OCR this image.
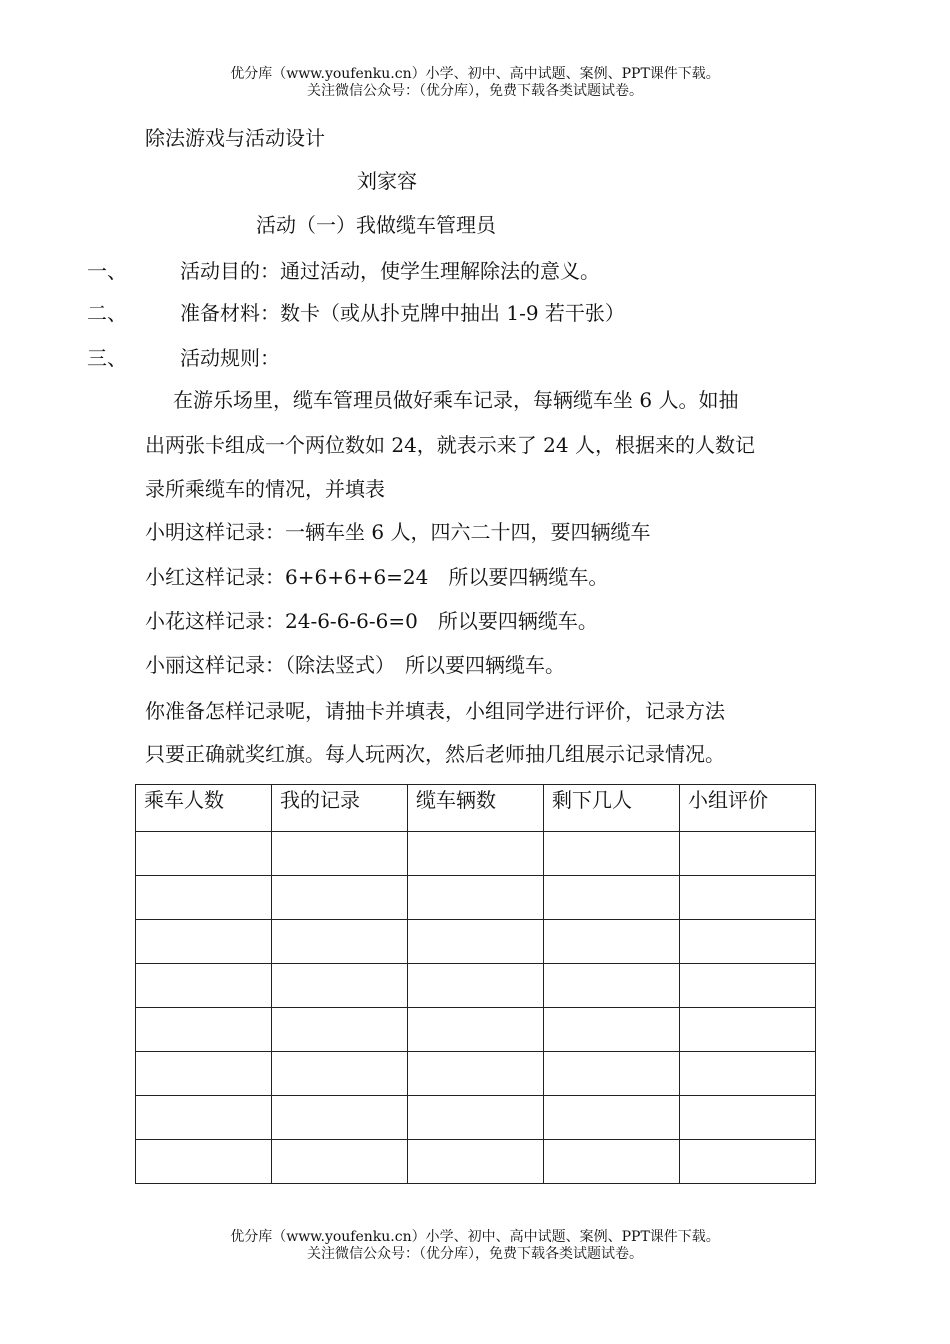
优分库（www.youfenku.cn）小学、初中、高中试题、案例、PPT课件下载。
关注微信公众号：（优分库），免费下载各类试题试卷。
除法游戏与活动设计
刘家容
活动（一）我做缆车管理员
一、	活动目的：通过活动，使学生理解除法的意义。
二、	准备材料：数卡（或从扑克牌中抽出 1-9 若干张）
三、	活动规则：
在游乐场里，缆车管理员做好乘车记录，每辆缆车坐 6 人。如抽
出两张卡组成一个两位数如 24，就表示来了 24 人，根据来的人数记
录所乘缆车的情况，并填表
小明这样记录：一辆车坐 6 人，四六二十四，要四辆缆车
小红这样记录：6+6+6+6=24　所以要四辆缆车。
小花这样记录：24-6-6-6-6=0　所以要四辆缆车。
小丽这样记录：（除法竖式）　所以要四辆缆车。
你准备怎样记录呢，请抽卡并填表，小组同学进行评价，记录方法
只要正确就奖红旗。每人玩两次，然后老师抽几组展示记录情况。
乘车人数	我的记录	缆车辆数	剩下几人	小组评价

优分库（www.youfenku.cn）小学、初中、高中试题、案例、PPT课件下载。
关注微信公众号：（优分库），免费下载各类试题试卷。
